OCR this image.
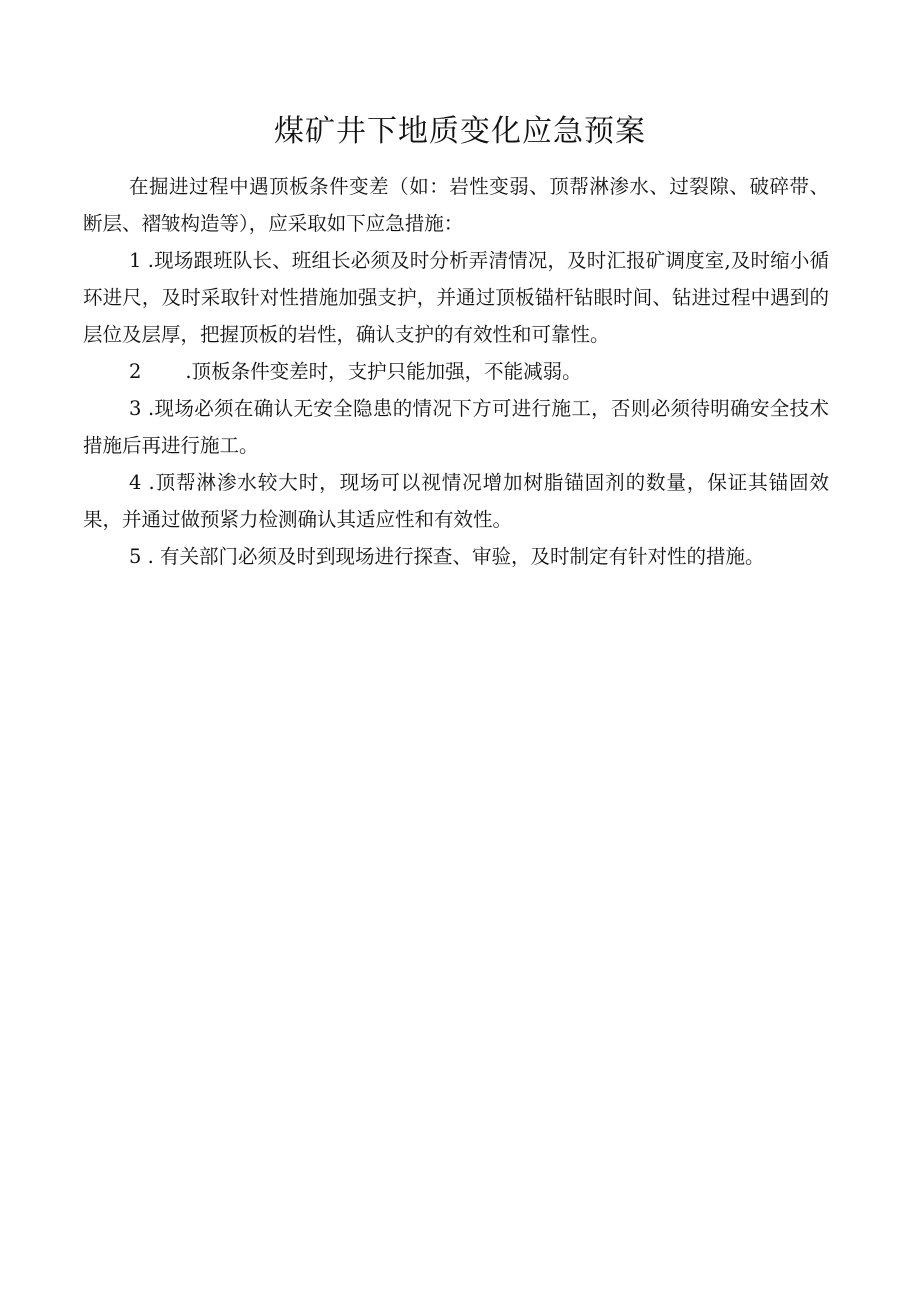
煤矿井下地质变化应急预案

在掘进过程中遇顶板条件变差（如：岩性变弱、顶帮淋渗水、过裂隙、破碎带、断层、褶皱构造等），应采取如下应急措施：

1 .现场跟班队长、班组长必须及时分析弄清情况，及时汇报矿调度室,及时缩小循环进尺，及时采取针对性措施加强支护，并通过顶板锚杆钻眼时间、钻进过程中遇到的层位及层厚，把握顶板的岩性，确认支护的有效性和可靠性。

2 .顶板条件变差时，支护只能加强，不能减弱。

3 .现场必须在确认无安全隐患的情况下方可进行施工，否则必须待明确安全技术措施后再进行施工。

4 .顶帮淋渗水较大时，现场可以视情况增加树脂锚固剂的数量，保证其锚固效果，并通过做预紧力检测确认其适应性和有效性。

5 . 有关部门必须及时到现场进行探查、审验，及时制定有针对性的措施。
